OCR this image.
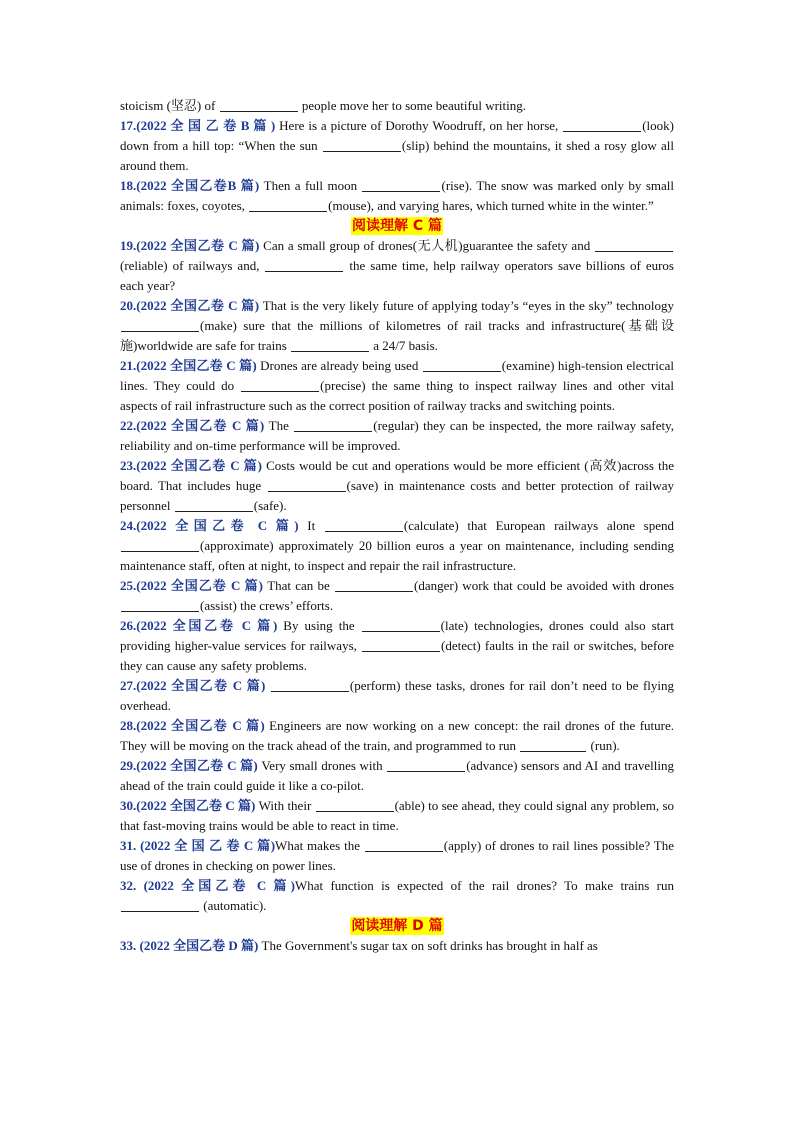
stoicism (坚忍) of	people move her to some beautiful writing.

17.(2022 全 国 乙 卷 B 篇 ) Here is a picture of Dorothy Woodruff, on her horse,	(look) down from a hill top: “When the sun	(slip) behind the mountains, it shed a rosy glow all around them.

18.(2022 全国乙卷B 篇) Then a full moon	(rise). The snow was marked only by small animals: foxes, coyotes,	(mouse), and varying hares, which turned white in the winter.”

阅读理解 C 篇

19.(2022 全国乙卷 C 篇) Can a small group of drones(无人机)guarantee the safety and (reliable) of railways and,	the same time, help railway operators save billions of euros each year?

20.(2022 全国乙卷 C 篇) That is the very likely future of applying today’s “eyes in the sky” technology (make) sure that the millions of kilometres of rail tracks and infrastructure(基础设施)worldwide are safe for trains	a 24/7 basis.

21.(2022 全国乙卷 C 篇) Drones are already being used	(examine) high-tension electrical lines. They could do	(precise) the same thing to inspect railway lines and other vital aspects of rail infrastructure such as the correct position of railway tracks and switching points.

22.(2022 全国乙卷 C 篇) The	(regular) they can be inspected, the more railway safety, reliability and on-time performance will be improved.

23.(2022 全国乙卷 C 篇) Costs would be cut and operations would be more efficient (高效)across the board. That includes huge	(save) in maintenance costs and better protection of railway personnel	(safe).

24.(2022 全国乙卷 C 篇) It	(calculate) that European railways alone spend (approximate) approximately 20 billion euros a year on maintenance, including sending maintenance staff, often at night, to inspect and repair the rail infrastructure.

25.(2022 全国乙卷 C 篇) That can be	(danger) work that could be avoided with drones (assist) the crews’ efforts.

26.(2022 全国乙卷 C 篇) By using the	(late) technologies, drones could also start providing higher-value services for railways,	(detect) faults in the rail or switches, before they can cause any safety problems.

27.(2022 全国乙卷 C 篇)	(perform) these tasks, drones for rail don’t need to be flying overhead.

28.(2022 全国乙卷 C 篇) Engineers are now working on a new concept: the rail drones of the future. They will be moving on the track ahead of the train, and programmed to run	(run).

29.(2022 全国乙卷 C 篇) Very small drones with	(advance) sensors and AI and travelling ahead of the train could guide it like a co-pilot.

30.(2022 全国乙卷 C 篇) With their	(able) to see ahead, they could signal any problem, so that fast-moving trains would be able to react in time.

31. (2022 全 国 乙 卷 C 篇)What makes the	(apply) of drones to rail lines possible? The use of drones in checking on power lines.

32. (2022 全国乙卷 C 篇)What function is expected of the rail drones? To make trains run  (automatic).

阅读理解 D 篇

33. (2022 全国乙卷 D 篇) The Government's sugar tax on soft drinks has brought in half as
